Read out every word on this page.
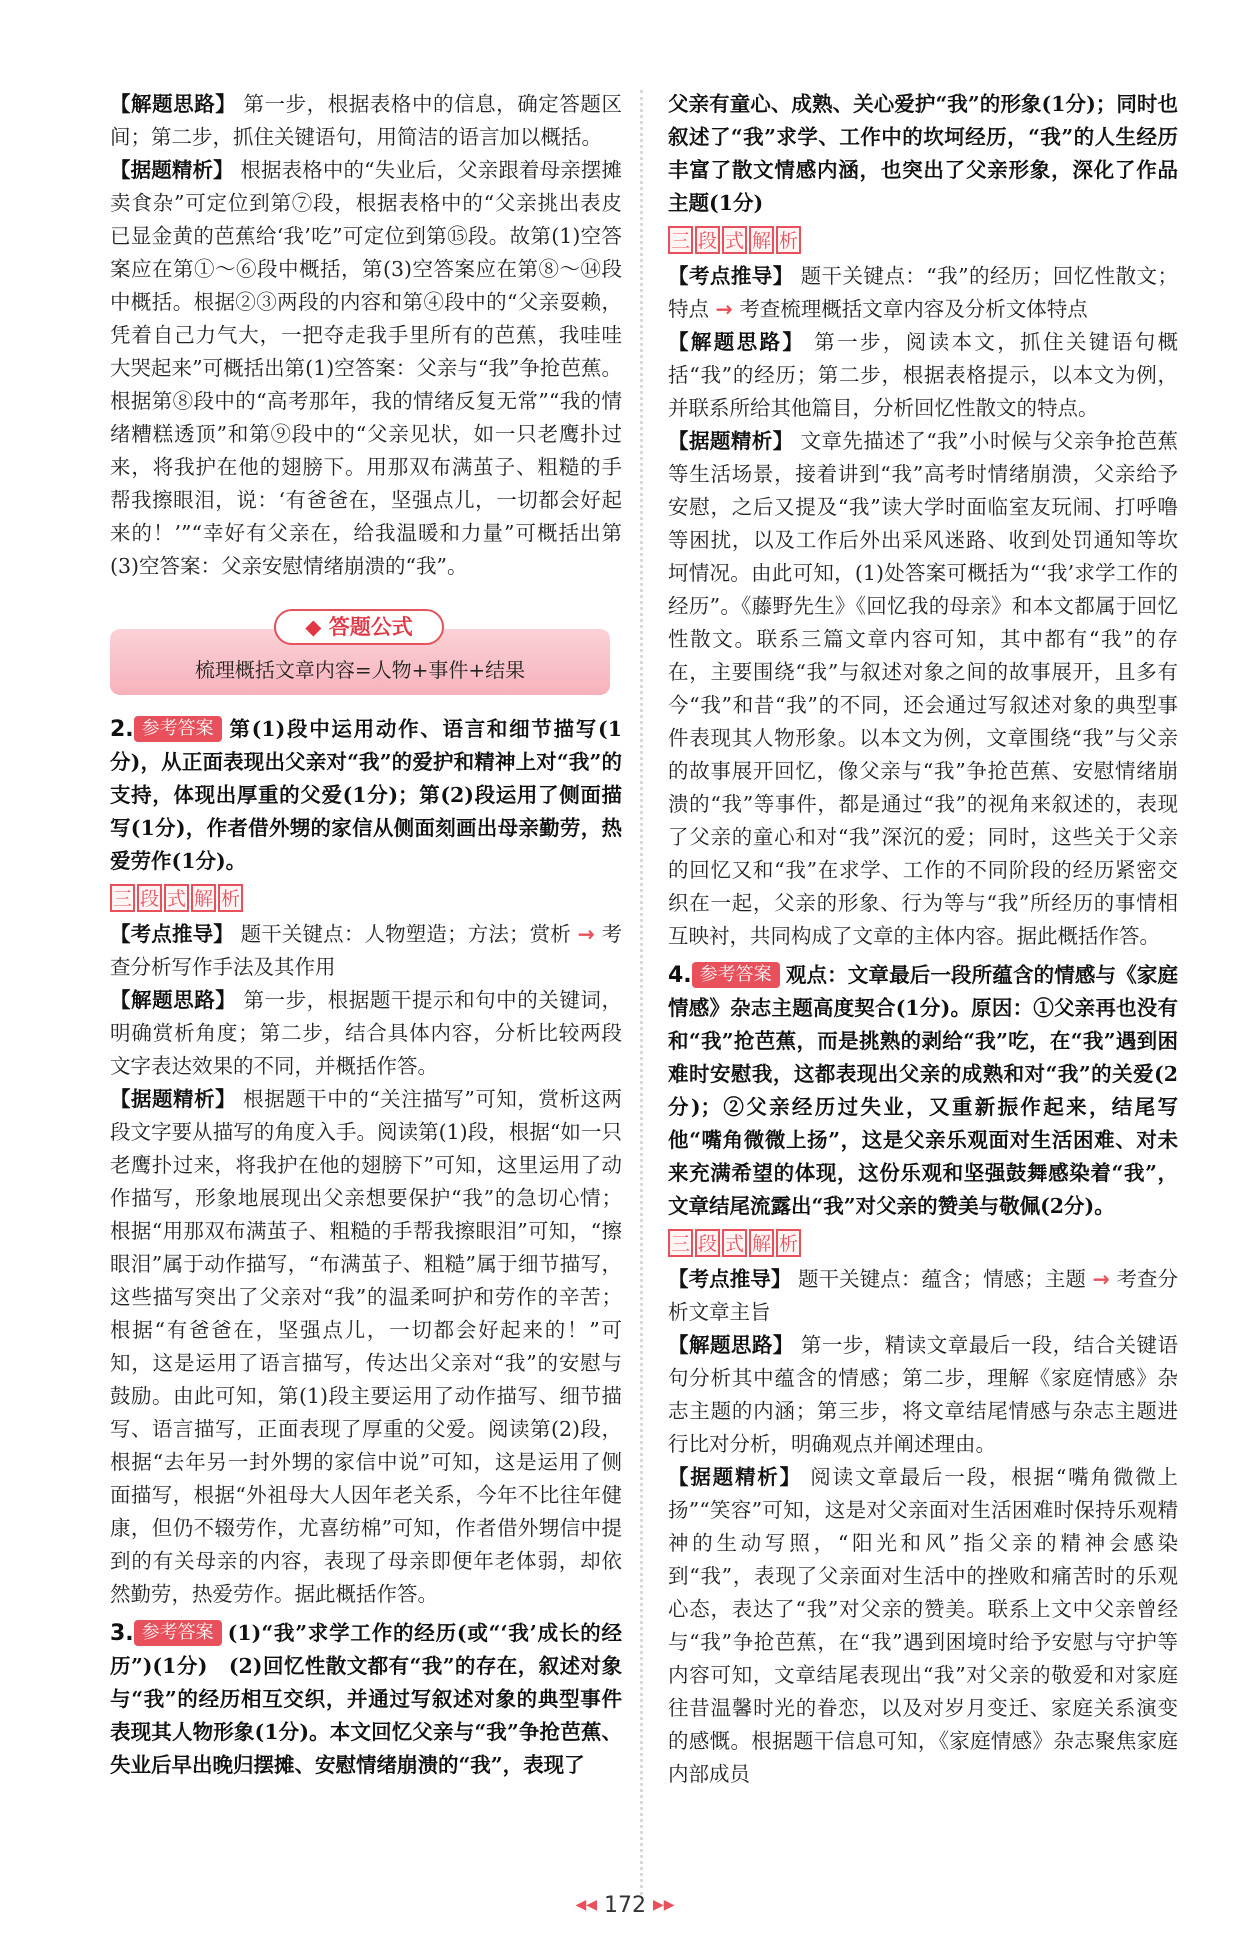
【解题思路】 第一步，根据表格中的信息，确定答题区间；第二步，抓住关键语句，用简洁的语言加以概括。

【据题精析】 根据表格中的“失业后，父亲跟着母亲摆摊卖食杂”可定位到第⑦段，根据表格中的“父亲挑出表皮已显金黄的芭蕉给‘我’吃”可定位到第⑮段。故第(1)空答案应在第①～⑥段中概括，第(3)空答案应在第⑧～⑭段中概括。根据②③两段的内容和第④段中的“父亲耍赖，凭着自己力气大，一把夺走我手里所有的芭蕉，我哇哇大哭起来”可概括出第(1)空答案：父亲与“我”争抢芭蕉。根据第⑧段中的“高考那年，我的情绪反复无常”“我的情绪糟糕透顶”和第⑨段中的“父亲见状，如一只老鹰扑过来，将我护在他的翅膀下。用那双布满茧子、粗糙的手帮我擦眼泪，说：‘有爸爸在，坚强点儿，一切都会好起来的！’”“幸好有父亲在，给我温暖和力量”可概括出第(3)空答案：父亲安慰情绪崩溃的“我”。

◆ 答题公式
梳理概括文章内容=人物+事件+结果

2. 参考答案 第(1)段中运用动作、语言和细节描写(1分)，从正面表现出父亲对“我”的爱护和精神上对“我”的支持，体现出厚重的父爱(1分)；第(2)段运用了侧面描写(1分)，作者借外甥的家信从侧面刻画出母亲勤劳，热爱劳作(1分)。

三 段 式 解 析

【考点推导】 题干关键点：人物塑造；方法；赏析 → 考查分析写作手法及其作用

【解题思路】 第一步，根据题干提示和句中的关键词，明确赏析角度；第二步，结合具体内容，分析比较两段文字表达效果的不同，并概括作答。

【据题精析】 根据题干中的“关注描写”可知，赏析这两段文字要从描写的角度入手。阅读第(1)段，根据“如一只老鹰扑过来，将我护在他的翅膀下”可知，这里运用了动作描写，形象地展现出父亲想要保护“我”的急切心情；根据“用那双布满茧子、粗糙的手帮我擦眼泪”可知，“擦眼泪”属于动作描写，“布满茧子、粗糙”属于细节描写，这些描写突出了父亲对“我”的温柔呵护和劳作的辛苦；根据“有爸爸在，坚强点儿，一切都会好起来的！”可知，这是运用了语言描写，传达出父亲对“我”的安慰与鼓励。由此可知，第(1)段主要运用了动作描写、细节描写、语言描写，正面表现了厚重的父爱。阅读第(2)段，根据“去年另一封外甥的家信中说”可知，这是运用了侧面描写，根据“外祖母大人因年老关系，今年不比往年健康，但仍不辍劳作，尤喜纺棉”可知，作者借外甥信中提到的有关母亲的内容，表现了母亲即便年老体弱，却依然勤劳，热爱劳作。据此概括作答。

3. 参考答案 (1)“我”求学工作的经历(或“‘我’成长的经历”)(1分)　(2)回忆性散文都有“我”的存在，叙述对象与“我”的经历相互交织，并通过写叙述对象的典型事件表现其人物形象(1分)。本文回忆父亲与“我”争抢芭蕉、失业后早出晚归摆摊、安慰情绪崩溃的“我”，表现了

父亲有童心、成熟、关心爱护“我”的形象(1分)；同时也叙述了“我”求学、工作中的坎坷经历，“我”的人生经历丰富了散文情感内涵，也突出了父亲形象，深化了作品主题(1分)

三 段 式 解 析

【考点推导】 题干关键点：“我”的经历；回忆性散文；特点 → 考查梳理概括文章内容及分析文体特点

【解题思路】 第一步，阅读本文，抓住关键语句概括“我”的经历；第二步，根据表格提示，以本文为例，并联系所给其他篇目，分析回忆性散文的特点。

【据题精析】 文章先描述了“我”小时候与父亲争抢芭蕉等生活场景，接着讲到“我”高考时情绪崩溃，父亲给予安慰，之后又提及“我”读大学时面临室友玩闹、打呼噜等困扰，以及工作后外出采风迷路、收到处罚通知等坎坷情况。由此可知，(1)处答案可概括为“‘我’求学工作的经历”。《藤野先生》《回忆我的母亲》和本文都属于回忆性散文。联系三篇文章内容可知，其中都有“我”的存在，主要围绕“我”与叙述对象之间的故事展开，且多有今“我”和昔“我”的不同，还会通过写叙述对象的典型事件表现其人物形象。以本文为例，文章围绕“我”与父亲的故事展开回忆，像父亲与“我”争抢芭蕉、安慰情绪崩溃的“我”等事件，都是通过“我”的视角来叙述的，表现了父亲的童心和对“我”深沉的爱；同时，这些关于父亲的回忆又和“我”在求学、工作的不同阶段的经历紧密交织在一起，父亲的形象、行为等与“我”所经历的事情相互映衬，共同构成了文章的主体内容。据此概括作答。

4. 参考答案 观点：文章最后一段所蕴含的情感与《家庭情感》杂志主题高度契合(1分)。原因：①父亲再也没有和“我”抢芭蕉，而是挑熟的剥给“我”吃，在“我”遇到困难时安慰我，这都表现出父亲的成熟和对“我”的关爱(2分)；②父亲经历过失业，又重新振作起来，结尾写他“嘴角微微上扬”，这是父亲乐观面对生活困难、对未来充满希望的体现，这份乐观和坚强鼓舞感染着“我”，文章结尾流露出“我”对父亲的赞美与敬佩(2分)。

三 段 式 解 析

【考点推导】 题干关键点：蕴含；情感；主题 → 考查分析文章主旨

【解题思路】 第一步，精读文章最后一段，结合关键语句分析其中蕴含的情感；第二步，理解《家庭情感》杂志主题的内涵；第三步，将文章结尾情感与杂志主题进行比对分析，明确观点并阐述理由。

【据题精析】 阅读文章最后一段，根据“嘴角微微上扬”“笑容”可知，这是对父亲面对生活困难时保持乐观精神的生动写照，“阳光和风”指父亲的精神会感染到“我”，表现了父亲面对生活中的挫败和痛苦时的乐观心态，表达了“我”对父亲的赞美。联系上文中父亲曾经与“我”争抢芭蕉，在“我”遇到困境时给予安慰与守护等内容可知，文章结尾表现出“我”对父亲的敬爱和对家庭往昔温馨时光的眷恋，以及对岁月变迁、家庭关系演变的感慨。根据题干信息可知，《家庭情感》杂志聚焦家庭内部成员

◀◀ 172 ▶▶
